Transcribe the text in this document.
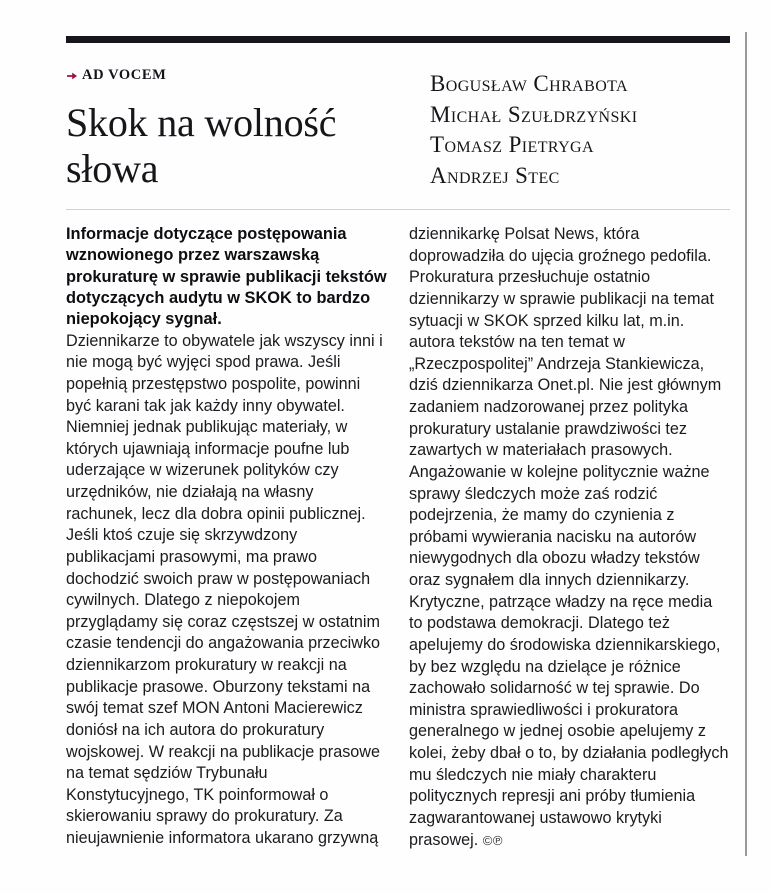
AD VOCEM
Skok na wolność słowa
Bogusław Chrabota
Michał Szułdrzyński
Tomasz Pietryga
Andrzej Stec

Informacje dotyczące postępowania wznowionego przez warszawską prokuraturę w sprawie publikacji tekstów dotyczących audytu w SKOK to bardzo niepokojący sygnał.
Dziennikarze to obywatele jak wszyscy inni i nie mogą być wyjęci spod prawa. Jeśli popełnią przestępstwo pospolite, powinni być karani tak jak każdy inny obywatel. Niemniej jednak publikując materiały, w których ujawniają informacje poufne lub uderzające w wizerunek polityków czy urzędników, nie działają na własny rachunek, lecz dla dobra opinii publicznej. Jeśli ktoś czuje się skrzywdzony publikacjami prasowymi, ma prawo dochodzić swoich praw w postępowaniach cywilnych. Dlatego z niepokojem przyglądamy się coraz częstszej w ostatnim czasie tendencji do angażowania przeciwko dziennikarzom prokuratury w reakcji na publikacje prasowe. Oburzony tekstami na swój temat szef MON Antoni Macierewicz doniósł na ich autora do prokuratury wojskowej. W reakcji na publikacje prasowe na temat sędziów Trybunału Konstytucyjnego, TK poinformował o skierowaniu sprawy do prokuratury. Za nieujawnienie informatora ukarano grzywną dziennikarkę Polsat News, która doprowadziła do ujęcia groźnego pedofila. Prokuratura przesłuchuje ostatnio dziennikarzy w sprawie publikacji na temat sytuacji w SKOK sprzed kilku lat, m.in. autora tekstów na ten temat w „Rzeczpospolitej” Andrzeja Stankiewicza, dziś dziennikarza Onet.pl. Nie jest głównym zadaniem nadzorowanej przez polityka prokuratury ustalanie prawdziwości tez zawartych w materiałach prasowych. Angażowanie w kolejne politycznie ważne sprawy śledczych może zaś rodzić podejrzenia, że mamy do czynienia z próbami wywierania nacisku na autorów niewygodnych dla obozu władzy tekstów oraz sygnałem dla innych dziennikarzy. Krytyczne, patrzące władzy na ręce media to podstawa demokracji. Dlatego też apelujemy do środowiska dziennikarskiego, by bez względu na dzielące je różnice zachowało solidarność w tej sprawie. Do ministra sprawiedliwości i prokuratora generalnego w jednej osobie apelujemy z kolei, żeby dbał o to, by działania podległych mu śledczych nie miały charakteru politycznych represji ani próby tłumienia zagwarantowanej ustawowo krytyki prasowej. ©℗
